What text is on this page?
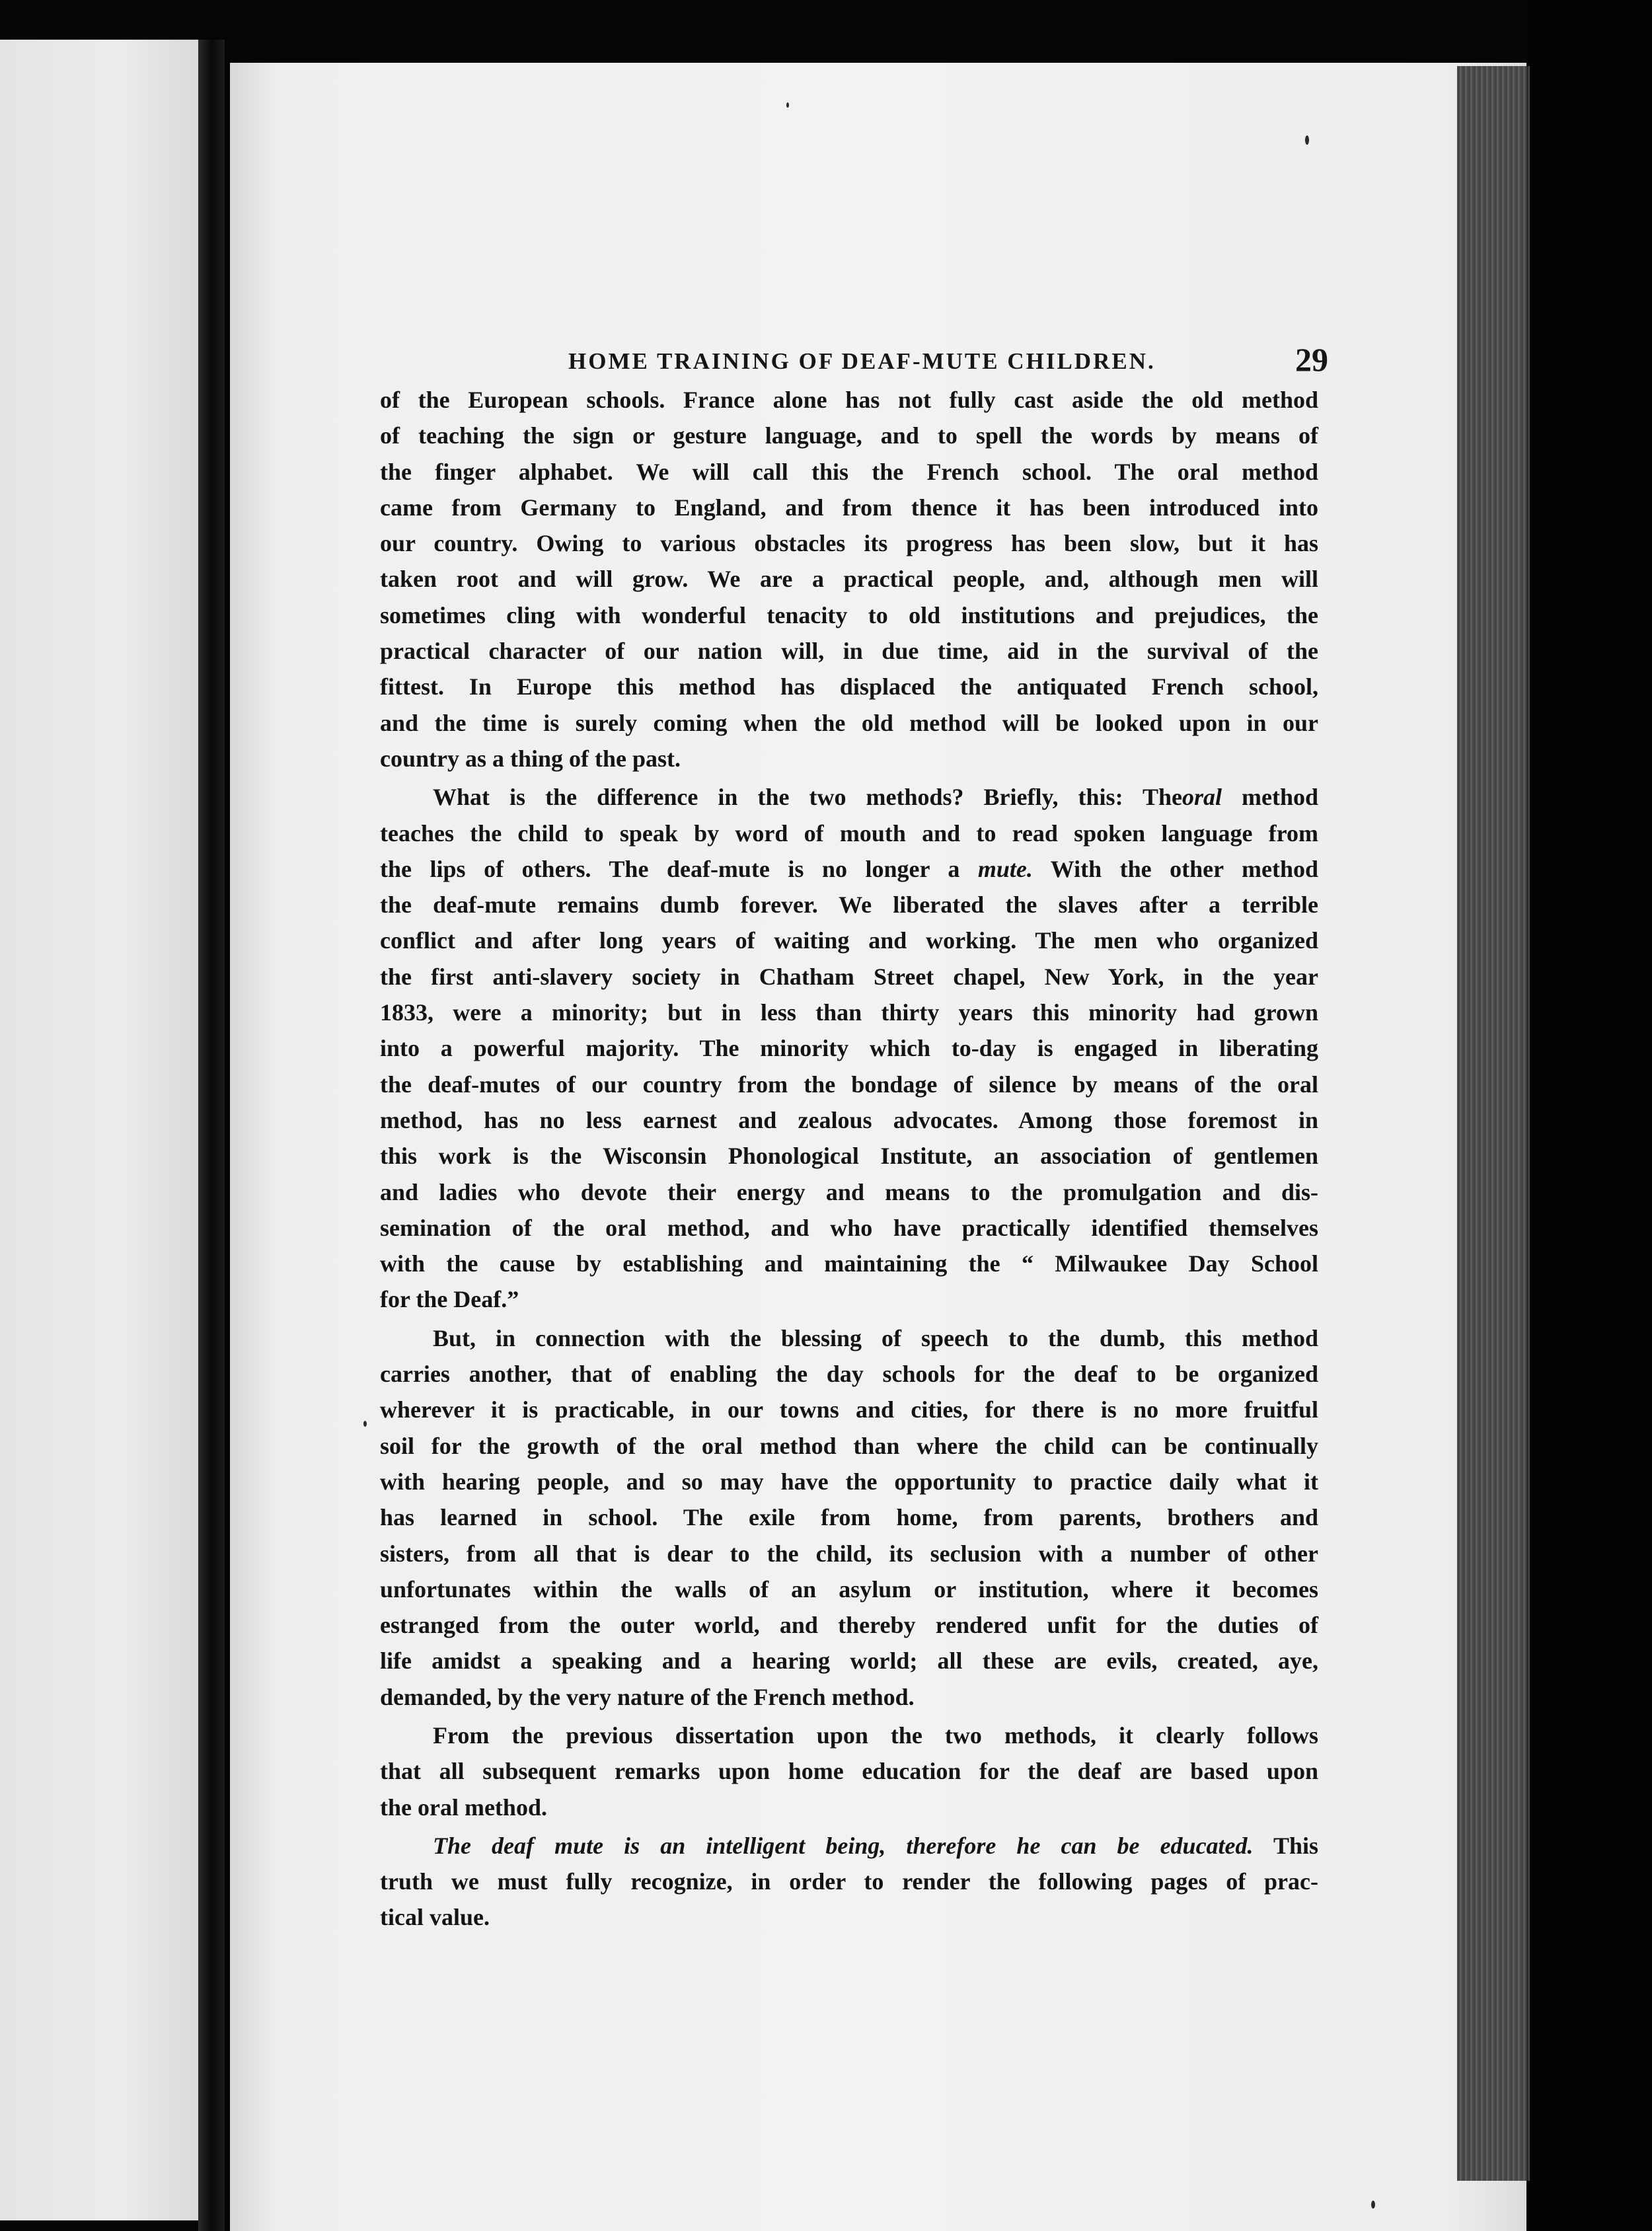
HOME TRAINING OF DEAF-MUTE CHILDREN.	29
of the European schools. France alone has not fully cast aside the old method
of teaching the sign or gesture language, and to spell the words by means of
the finger alphabet. We will call this the French school. The oral method
came from Germany to England, and from thence it has been introduced into
our country. Owing to various obstacles its progress has been slow, but it has
taken root and will grow. We are a practical people, and, although men will
sometimes cling with wonderful tenacity to old institutions and prejudices, the
practical character of our nation will, in due time, aid in the survival of the
fittest. In Europe this method has displaced the antiquated French school,
and the time is surely coming when the old method will be looked upon in our
country as a thing of the past.
What is the difference in the two methods? Briefly, this: Theoral method
teaches the child to speak by word of mouth and to read spoken language from
the lips of others. The deaf-mute is no longer a mute. With the other method
the deaf-mute remains dumb forever. We liberated the slaves after a terrible
conflict and after long years of waiting and working. The men who organized
the first anti-slavery society in Chatham Street chapel, New York, in the year
1833, were a minority; but in less than thirty years this minority had grown
into a powerful majority. The minority which to-day is engaged in liberating
the deaf-mutes of our country from the bondage of silence by means of the oral
method, has no less earnest and zealous advocates. Among those foremost in
this work is the Wisconsin Phonological Institute, an association of gentlemen
and ladies who devote their energy and means to the promulgation and dis-
semination of the oral method, and who have practically identified themselves
with the cause by establishing and maintaining the “ Milwaukee Day School
for the Deaf.”
But, in connection with the blessing of speech to the dumb, this method
carries another, that of enabling the day schools for the deaf to be organized
wherever it is practicable, in our towns and cities, for there is no more fruitful
soil for the growth of the oral method than where the child can be continually
with hearing people, and so may have the opportunity to practice daily what it
has learned in school. The exile from home, from parents, brothers and
sisters, from all that is dear to the child, its seclusion with a number of other
unfortunates within the walls of an asylum or institution, where it becomes
estranged from the outer world, and thereby rendered unfit for the duties of
life amidst a speaking and a hearing world; all these are evils, created, aye,
demanded, by the very nature of the French method.
From the previous dissertation upon the two methods, it clearly follows
that all subsequent remarks upon home education for the deaf are based upon
the oral method.
The deaf mute is an intelligent being, therefore he can be educated. This
truth we must fully recognize, in order to render the following pages of prac-
tical value.
